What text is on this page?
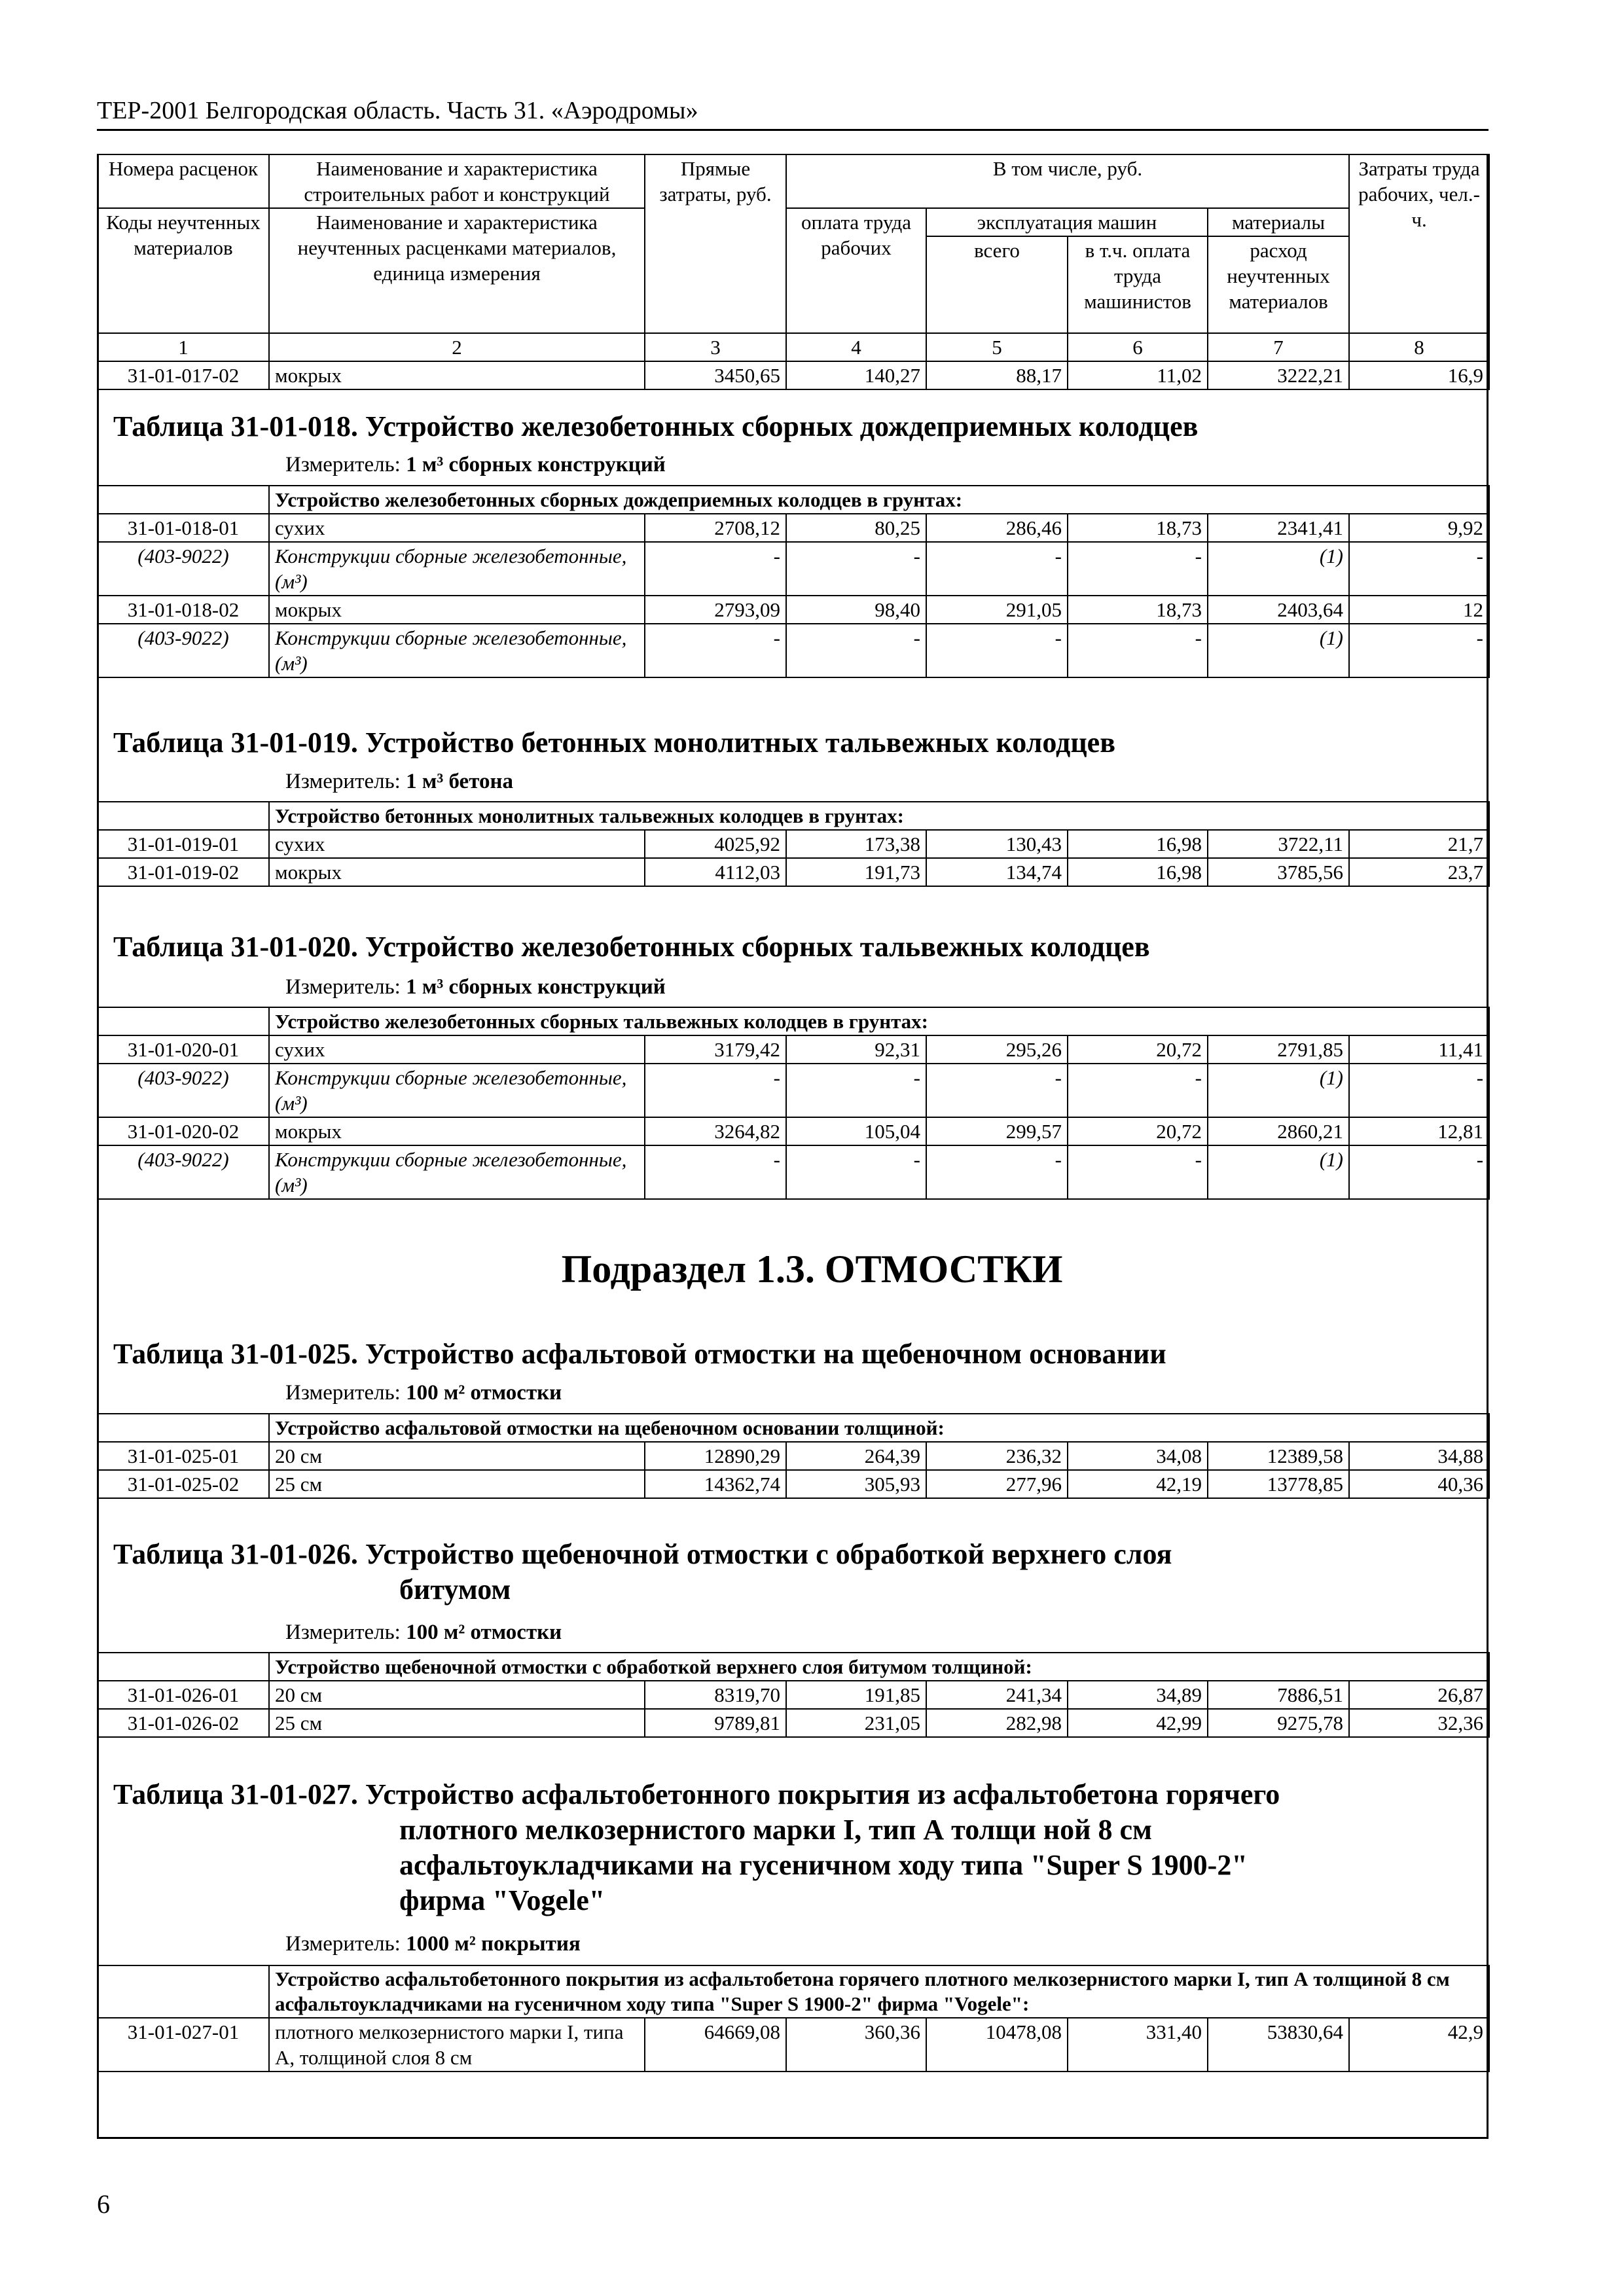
ТЕР-2001 Белгородская область. Часть 31. «Аэродромы»
Номера расценок	Наименование и характеристика строительных работ и конструкций	Прямые затраты, руб.	В том числе, руб.				Затраты труда рабочих, чел.-ч.
Коды неучтенных материалов	Наименование и характеристика неучтенных расценками материалов, единица измерения		оплата труда рабочих	эксплуатация машин		материалы	
				всего	в т.ч. оплата труда машинистов	расход неучтенных материалов	
1	2	3	4	5	6	7	8
31-01-017-02	мокрых	3450,65	140,27	88,17	11,02	3222,21	16,9
Таблица 31-01-018. Устройство железобетонных сборных дождеприемных колодцев
Измеритель: 1 м³ сборных конструкций
	Устройство железобетонных сборных дождеприемных колодцев в грунтах:						
31-01-018-01	сухих	2708,12	80,25	286,46	18,73	2341,41	9,92
(403-9022)	Конструкции сборные железобетонные, (м³)	-	-	-	-	(1)	-
31-01-018-02	мокрых	2793,09	98,40	291,05	18,73	2403,64	12
(403-9022)	Конструкции сборные железобетонные, (м³)	-	-	-	-	(1)	-
Таблица 31-01-019. Устройство бетонных монолитных тальвежных колодцев
Измеритель: 1 м³ бетона
	Устройство бетонных монолитных тальвежных колодцев в грунтах:						
31-01-019-01	сухих	4025,92	173,38	130,43	16,98	3722,11	21,7
31-01-019-02	мокрых	4112,03	191,73	134,74	16,98	3785,56	23,7
Таблица 31-01-020. Устройство железобетонных сборных тальвежных колодцев
Измеритель: 1 м³ сборных конструкций
	Устройство железобетонных сборных тальвежных колодцев в грунтах:						
31-01-020-01	сухих	3179,42	92,31	295,26	20,72	2791,85	11,41
(403-9022)	Конструкции сборные железобетонные, (м³)	-	-	-	-	(1)	-
31-01-020-02	мокрых	3264,82	105,04	299,57	20,72	2860,21	12,81
(403-9022)	Конструкции сборные железобетонные, (м³)	-	-	-	-	(1)	-
Подраздел 1.3. ОТМОСТКИ
Таблица 31-01-025. Устройство асфальтовой отмостки на щебеночном основании
Измеритель: 100 м² отмостки
	Устройство асфальтовой отмостки на щебеночном основании толщиной:						
31-01-025-01	20 см	12890,29	264,39	236,32	34,08	12389,58	34,88
31-01-025-02	25 см	14362,74	305,93	277,96	42,19	13778,85	40,36
Таблица 31-01-026. Устройство щебеночной отмостки с обработкой верхнего слоя
битумом
Измеритель: 100 м² отмостки
	Устройство щебеночной отмостки с обработкой верхнего слоя битумом толщиной:						
31-01-026-01	20 см	8319,70	191,85	241,34	34,89	7886,51	26,87
31-01-026-02	25 см	9789,81	231,05	282,98	42,99	9275,78	32,36
Таблица 31-01-027. Устройство асфальтобетонного покрытия из асфальтобетона горячего
плотного мелкозернистого марки I, тип А толщи ной 8 см
асфальтоукладчиками на гусеничном ходу типа "Super S 1900-2"
фирма "Vogele"
Измеритель: 1000 м² покрытия
	Устройство асфальтобетонного покрытия из асфальтобетона горячего плотного мелкозернистого марки I, тип А толщиной 8 см асфальтоукладчиками на гусеничном ходу типа "Super S 1900-2" фирма "Vogele":						
31-01-027-01	плотного мелкозернистого марки I, типа А, толщиной слоя 8 см	64669,08	360,36	10478,08	331,40	53830,64	42,9
6
